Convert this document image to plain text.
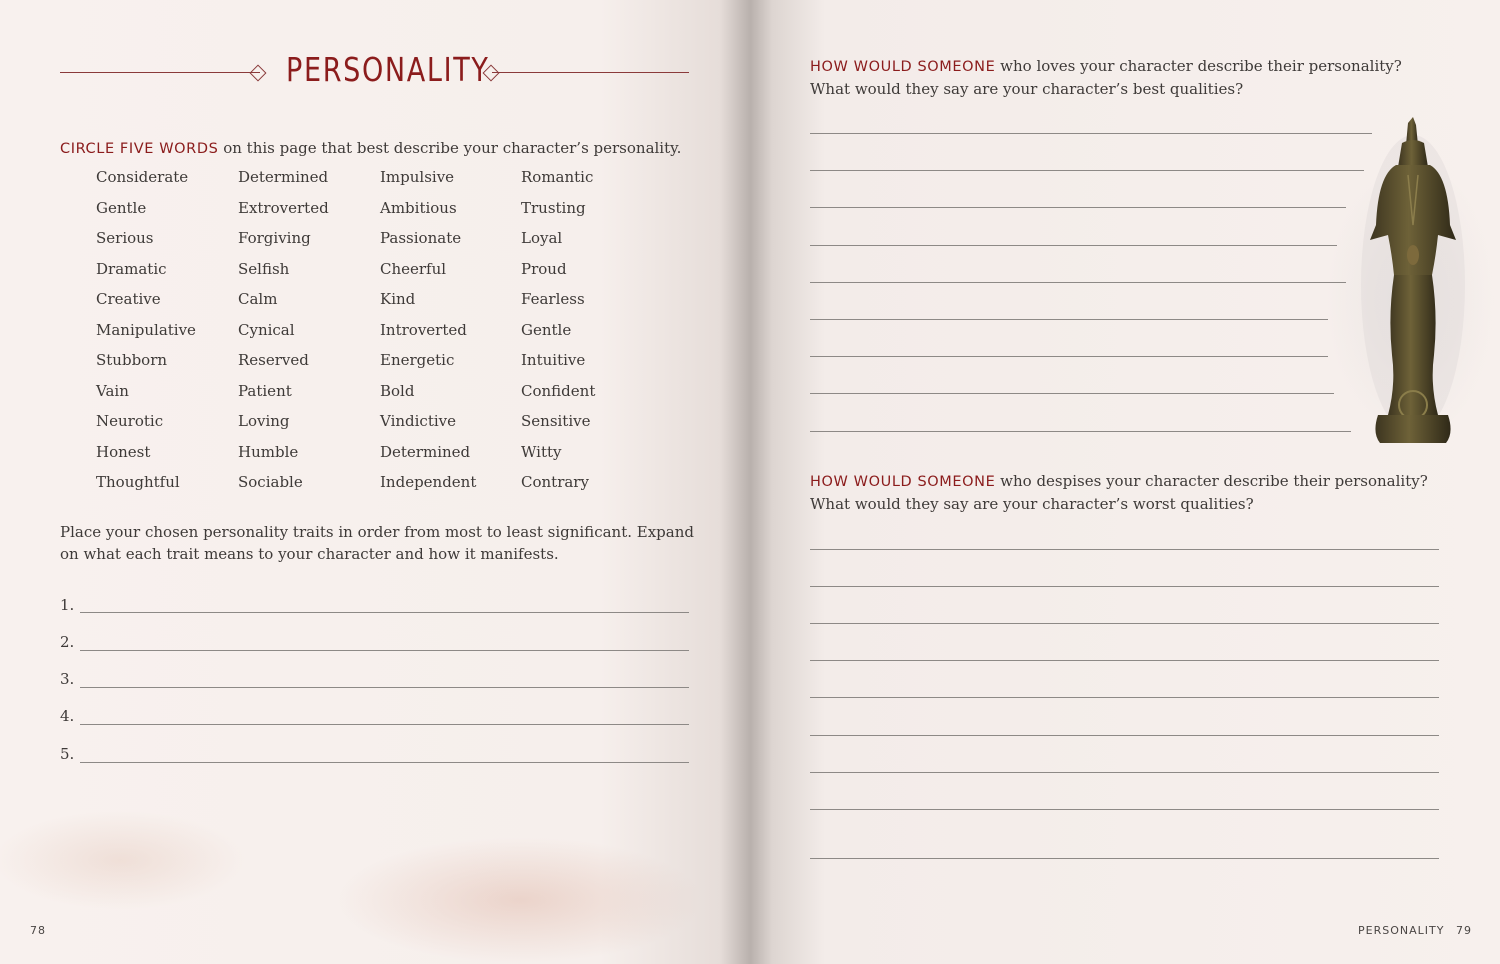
PERSONALITY
CIRCLE FIVE WORDS on this page that best describe your character’s personality.
Considerate
Gentle
Serious
Dramatic
Creative
Manipulative
Stubborn
Vain
Neurotic
Honest
Thoughtful
Determined
Extroverted
Forgiving
Selfish
Calm
Cynical
Reserved
Patient
Loving
Humble
Sociable
Impulsive
Ambitious
Passionate
Cheerful
Kind
Introverted
Energetic
Bold
Vindictive
Determined
Independent
Romantic
Trusting
Loyal
Proud
Fearless
Gentle
Intuitive
Confident
Sensitive
Witty
Contrary
Place your chosen personality traits in order from most to least significant. Expand on what each trait means to your character and how it manifests.
1.
2.
3.
4.
5.
78
HOW WOULD SOMEONE who loves your character describe their personality?
What would they say are your character’s best qualities?
HOW WOULD SOMEONE who despises your character describe their personality?
What would they say are your character’s worst qualities?
PERSONALITY 79
